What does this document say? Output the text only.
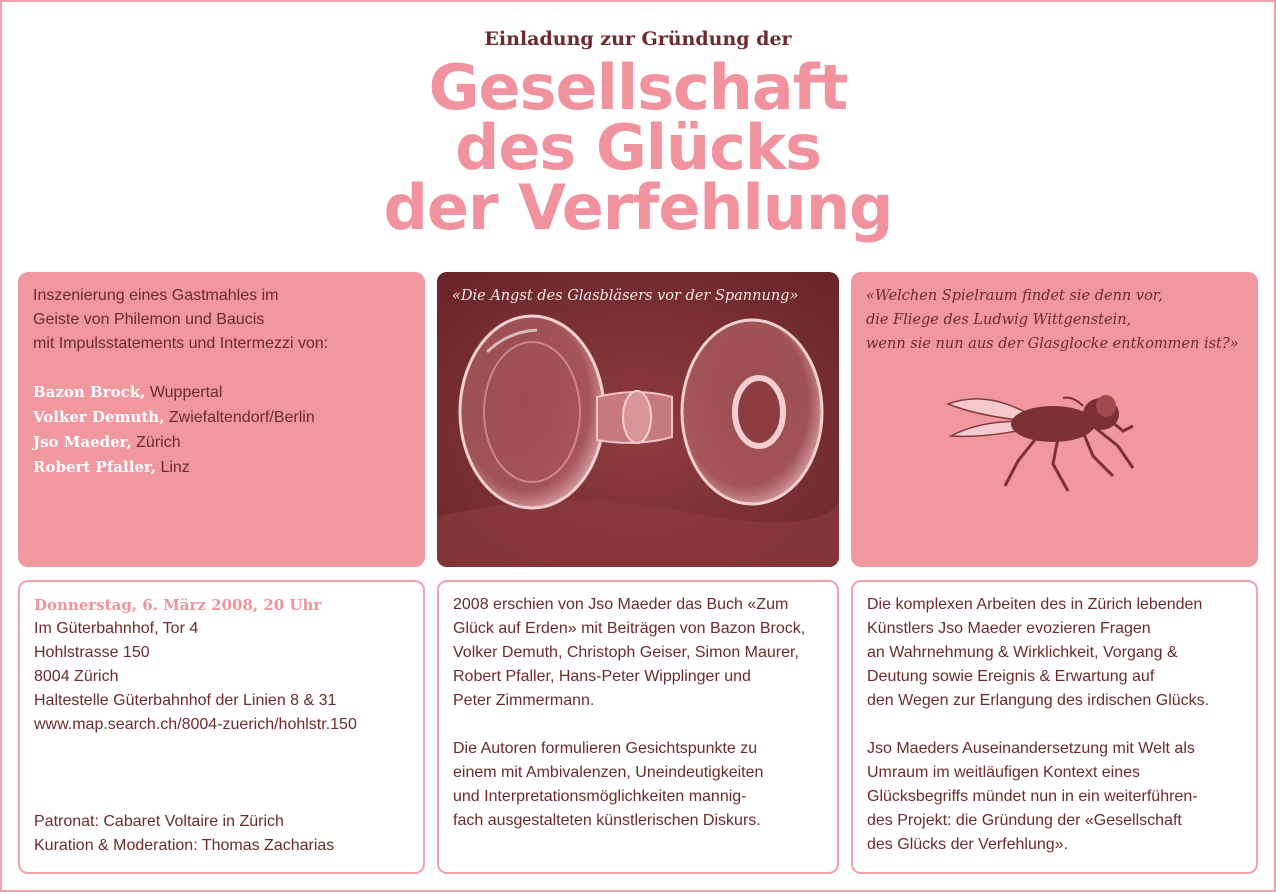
Einladung zur Gründung der
Gesellschaft
des Glücks
der Verfehlung
Inszenierung eines Gastmahles im
Geiste von Philemon und Baucis
mit Impulsstatements und Intermezzi von:
Bazon Brock, Wuppertal
Volker Demuth, Zwiefaltendorf/Berlin
Jso Maeder, Zürich
Robert Pfaller, Linz
«Die Angst des Glasbläsers vor der Spannung»	«Welchen Spielraum findet sie denn vor,
die Fliege des Ludwig Wittgenstein,
wenn sie nun aus der Glasglocke entkommen ist?»
Donnerstag, 6. März 2008, 20 Uhr
Im Güterbahnhof, Tor 4
Hohlstrasse 150
8004 Zürich
Haltestelle Güterbahnhof der Linien 8 & 31
www.map.search.ch/8004-zuerich/hohlstr.150
Patronat: Cabaret Voltaire in Zürich
Kuration & Moderation: Thomas Zacharias
2008 erschien von Jso Maeder das Buch «Zum
Glück auf Erden» mit Beiträgen von Bazon Brock,
Volker Demuth, Christoph Geiser, Simon Maurer,
Robert Pfaller, Hans-Peter Wipplinger und
Peter Zimmermann.
Die Autoren formulieren Gesichtspunkte zu
einem mit Ambivalenzen, Uneindeutigkeiten
und Interpretationsmöglichkeiten mannig-
fach ausgestalteten künstlerischen Diskurs.
Die komplexen Arbeiten des in Zürich lebenden
Künstlers Jso Maeder evozieren Fragen
an Wahrnehmung & Wirklichkeit, Vorgang &
Deutung sowie Ereignis & Erwartung auf
den Wegen zur Erlangung des irdischen Glücks.
Jso Maeders Auseinandersetzung mit Welt als
Umraum im weitläufigen Kontext eines
Glücksbegriffs mündet nun in ein weiterführen-
des Projekt: die Gründung der «Gesellschaft
des Glücks der Verfehlung».
